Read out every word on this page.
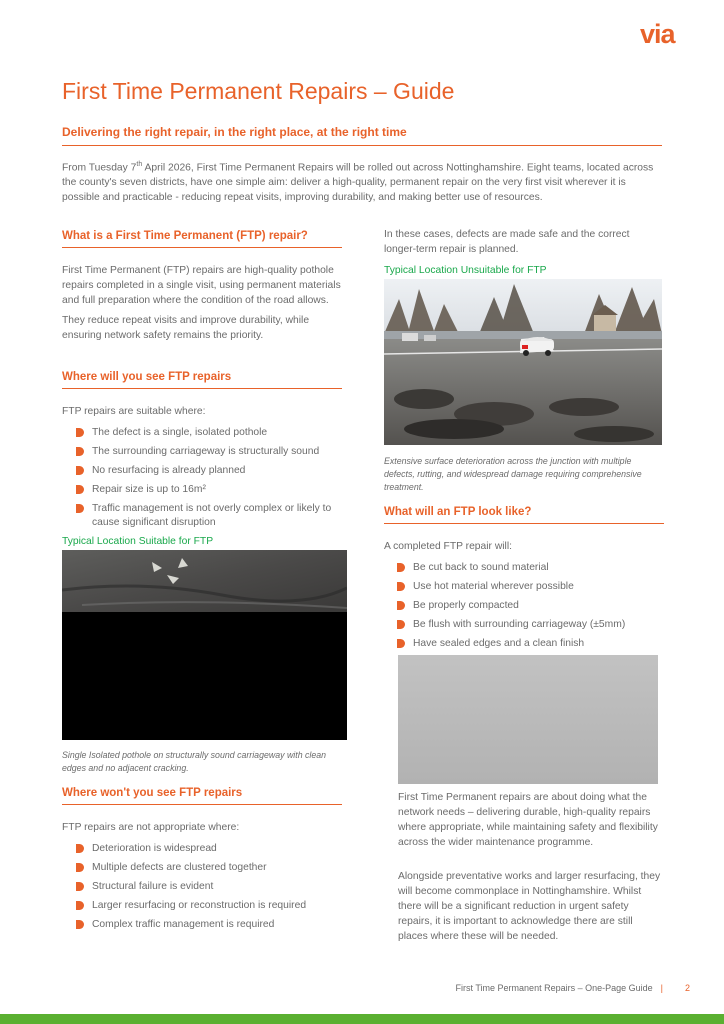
via
First Time Permanent Repairs – Guide
Delivering the right repair, in the right place, at the right time

From Tuesday 7th April 2026, First Time Permanent Repairs will be rolled out across Nottinghamshire. Eight teams, located across the county's seven districts, have one simple aim: deliver a high-quality, permanent repair on the very first visit wherever it is possible and practicable - reducing repeat visits, improving durability, and making better use of resources.

What is a First Time Permanent (FTP) repair?

First Time Permanent (FTP) repairs are high-quality pothole repairs completed in a single visit, using permanent materials and full preparation where the condition of the road allows.

They reduce repeat visits and improve durability, while ensuring network safety remains the priority.

Where will you see FTP repairs

FTP repairs are suitable where:

The defect is a single, isolated pothole
The surrounding carriageway is structurally sound
No resurfacing is already planned
Repair size is up to 16m²
Traffic management is not overly complex or likely to cause significant disruption

Typical Location Suitable for FTP

Single Isolated pothole on structurally sound carriageway with clean edges and no adjacent cracking.

Where won't you see FTP repairs

FTP repairs are not appropriate where:

Deterioration is widespread
Multiple defects are clustered together
Structural failure is evident
Larger resurfacing or reconstruction is required
Complex traffic management is required

In these cases, defects are made safe and the correct longer-term repair is planned.

Typical Location Unsuitable for FTP

Extensive surface deterioration across the junction with multiple defects, rutting, and widespread damage requiring comprehensive treatment.

What will an FTP look like?

A completed FTP repair will:

Be cut back to sound material
Use hot material wherever possible
Be properly compacted
Be flush with surrounding carriageway (±5mm)
Have sealed edges and a clean finish

First Time Permanent repairs are about doing what the network needs – delivering durable, high-quality repairs where appropriate, while maintaining safety and flexibility across the wider maintenance programme.

Alongside preventative works and larger resurfacing, they will become commonplace in Nottinghamshire. Whilst there will be a significant reduction in urgent safety repairs, it is important to acknowledge there are still places where these will be needed.

First Time Permanent Repairs – One-Page Guide | 2
